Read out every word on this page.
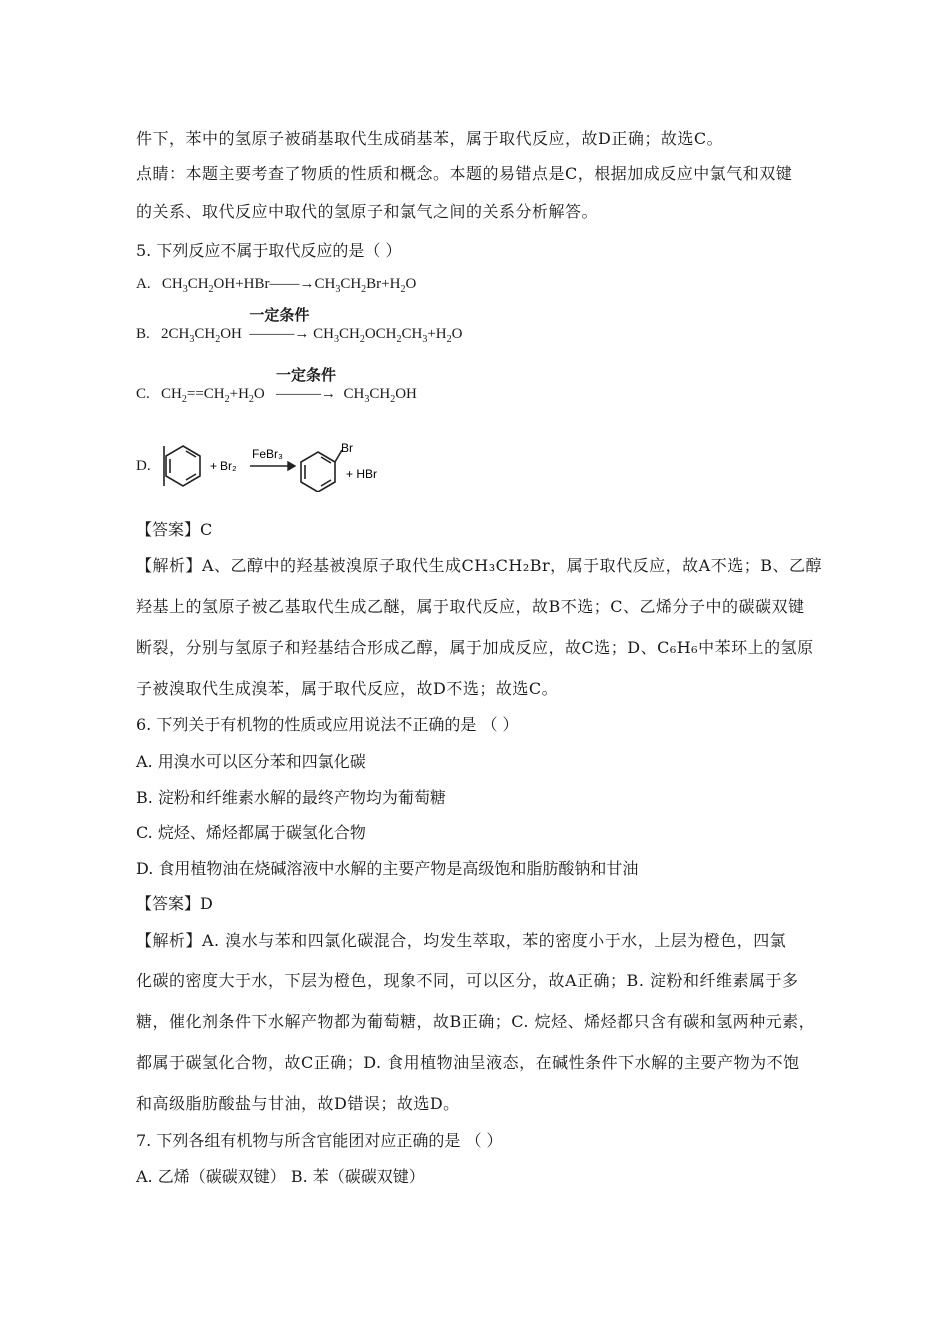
件下，苯中的氢原子被硝基取代生成硝基苯，属于取代反应，故D正确；故选C。
点睛：本题主要考查了物质的性质和概念。本题的易错点是C，根据加成反应中氯气和双键
的关系、取代反应中取代的氢原子和氯气之间的关系分析解答。
5. 下列反应不属于取代反应的是（ ）
A. $CH_3CH_2OH+HBr——\to CH_3CH_2Br+H_2O$
B. $2CH_3CH_2OH$
一定条件
———→ $CH_3CH_2OCH_2CH_3+H_2O$
C. $CH_2==CH_2+H_2O$
一定条件
———→  $CH_3CH_2OH$
D.	+ Br₂
FeBr₃	Br
+ HBr
【答案】C
【解析】A、乙醇中的羟基被溴原子取代生成CH₃CH₂Br，属于取代反应，故A不选；B、乙醇
羟基上的氢原子被乙基取代生成乙醚，属于取代反应，故B不选；C、乙烯分子中的碳碳双键
断裂，分别与氢原子和羟基结合形成乙醇，属于加成反应，故C选；D、C₆H₆中苯环上的氢原
子被溴取代生成溴苯，属于取代反应，故D不选；故选C。
6. 下列关于有机物的性质或应用说法不正确的是 （ ）
A. 用溴水可以区分苯和四氯化碳
B. 淀粉和纤维素水解的最终产物均为葡萄糖
C. 烷烃、烯烃都属于碳氢化合物
D. 食用植物油在烧碱溶液中水解的主要产物是高级饱和脂肪酸钠和甘油
【答案】D
【解析】A. 溴水与苯和四氯化碳混合，均发生萃取，苯的密度小于水，上层为橙色，四氯
化碳的密度大于水，下层为橙色，现象不同，可以区分，故A正确；B. 淀粉和纤维素属于多
糖，催化剂条件下水解产物都为葡萄糖，故B正确；C. 烷烃、烯烃都只含有碳和氢两种元素，
都属于碳氢化合物，故C正确；D. 食用植物油呈液态，在碱性条件下水解的主要产物为不饱
和高级脂肪酸盐与甘油，故D错误；故选D。
7. 下列各组有机物与所含官能团对应正确的是 （ ）
A. 乙烯（碳碳双键） B. 苯（碳碳双键）
